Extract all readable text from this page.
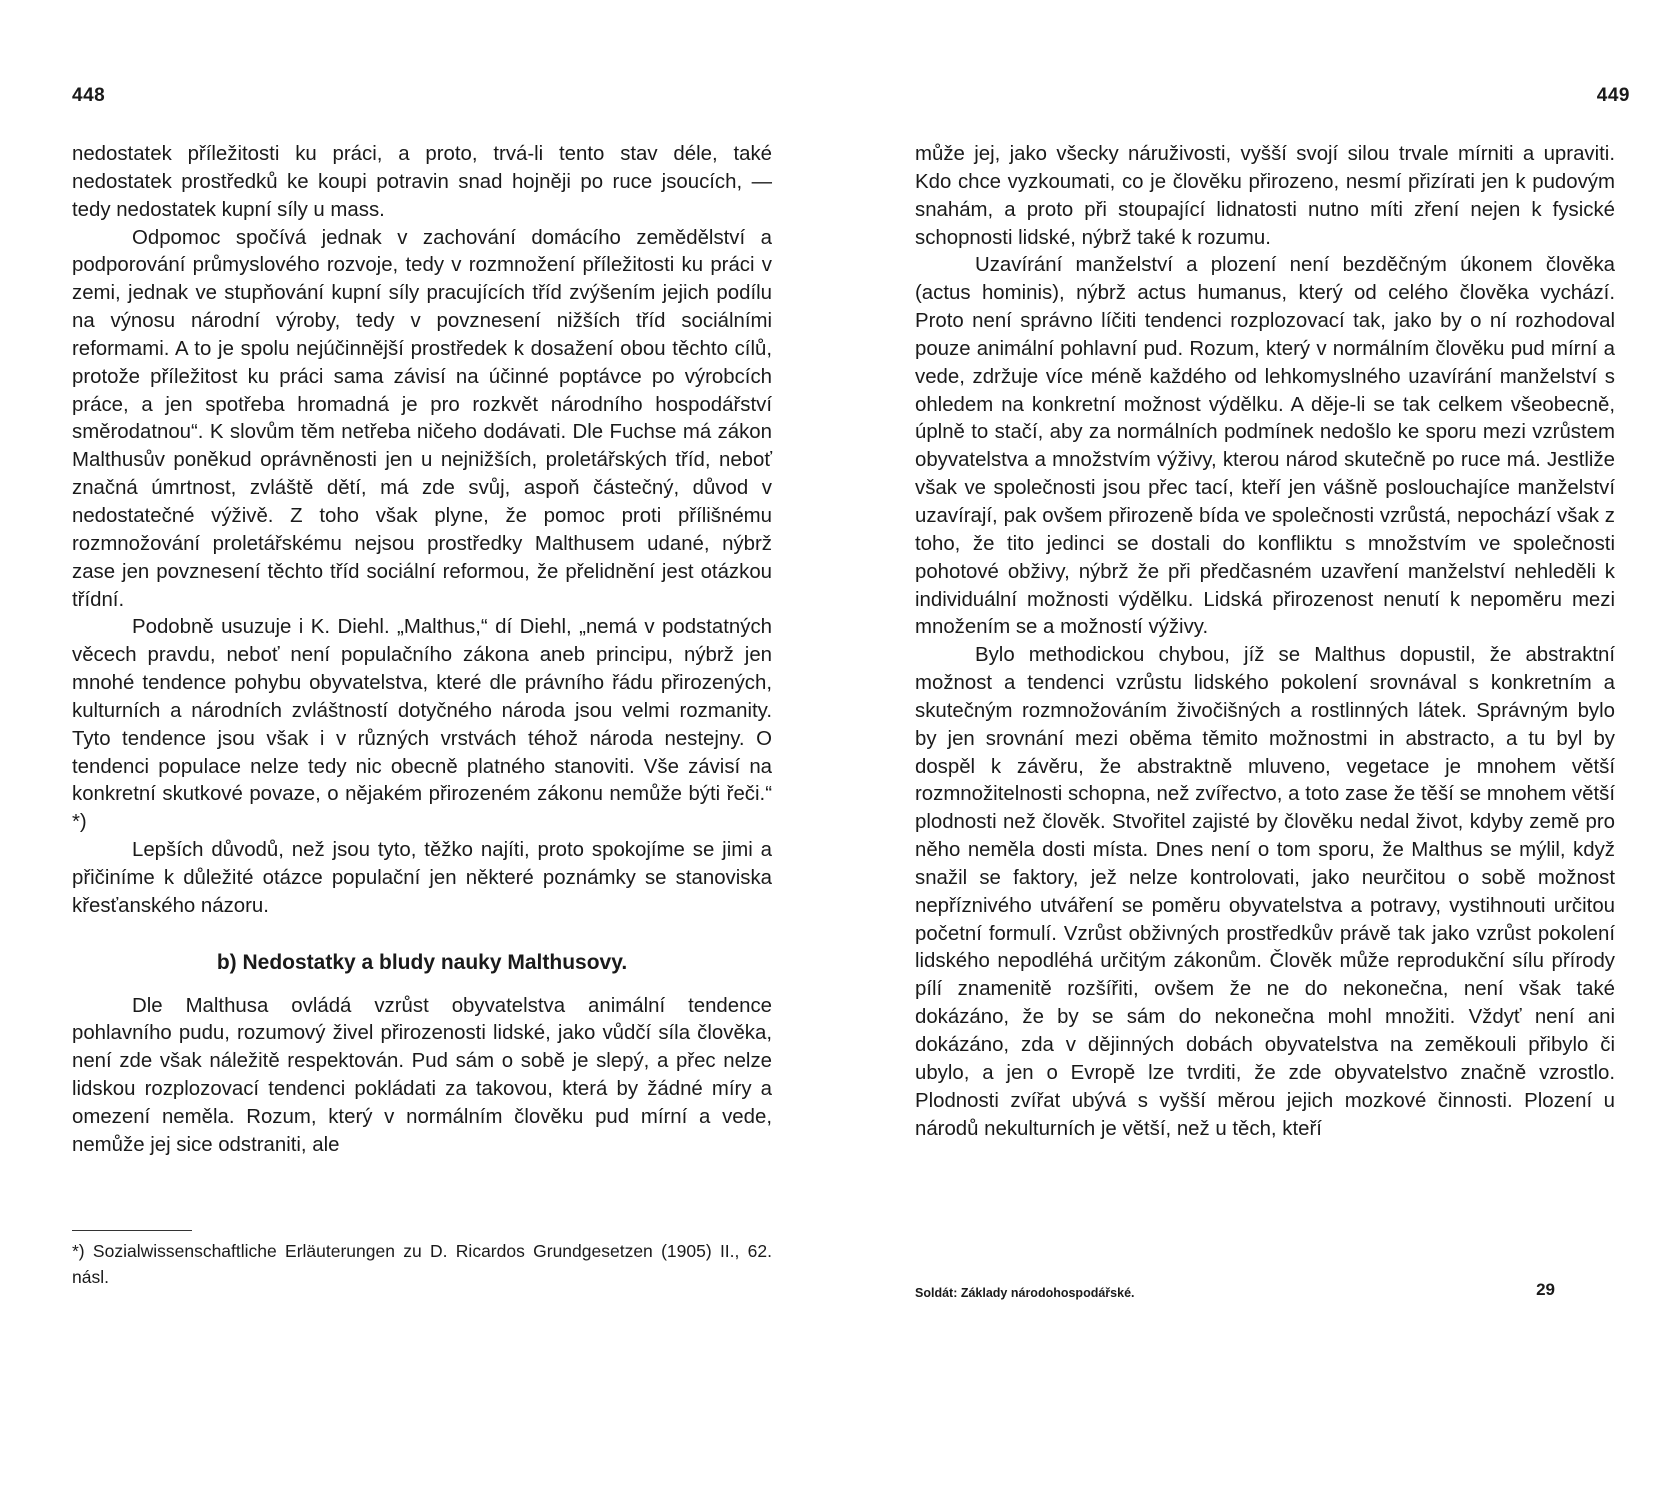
448

nedostatek příležitosti ku práci, a proto, trvá-li tento stav déle, také nedostatek prostředků ke koupi potravin snad hojněji po ruce jsoucích, — tedy nedostatek kupní síly u mass.

Odpomoc spočívá jednak v zachování domácího zemědělství a podporování průmyslového rozvoje, tedy v rozmnožení příležitosti ku práci v zemi, jednak ve stupňování kupní síly pracujících tříd zvýšením jejich podílu na výnosu národní výroby, tedy v povznesení nižších tříd sociálními reformami. A to je spolu nejúčinnější prostředek k dosažení obou těchto cílů, protože příležitost ku práci sama závisí na účinné poptávce po výrobcích práce, a jen spotřeba hromadná je pro rozkvět národního hospodářství směrodatnou“. K slovům těm netřeba ničeho dodávati. Dle Fuchse má zákon Malthusův poněkud oprávněnosti jen u nejnižších, proletářských tříd, neboť značná úmrtnost, zvláště dětí, má zde svůj, aspoň částečný, důvod v nedostatečné výživě. Z toho však plyne, že pomoc proti přílišnému rozmnožování proletářskému nejsou prostředky Malthusem udané, nýbrž zase jen povznesení těchto tříd sociální reformou, že přelidnění jest otázkou třídní.

Podobně usuzuje i K. Diehl. „Malthus,“ dí Diehl, „nemá v podstatných věcech pravdu, neboť není populačního zákona aneb principu, nýbrž jen mnohé tendence pohybu obyvatelstva, které dle právního řádu přirozených, kulturních a národních zvláštností dotyčného národa jsou velmi rozmanity. Tyto tendence jsou však i v různých vrstvách téhož národa nestejny. O tendenci populace nelze tedy nic obecně platného stanoviti. Vše závisí na konkretní skutkové povaze, o nějakém přirozeném zákonu nemůže býti řeči.“ *)

Lepších důvodů, než jsou tyto, těžko najíti, proto spokojíme se jimi a přičiníme k důležité otázce populační jen některé poznámky se stanoviska křesťanského názoru.

b) Nedostatky a bludy nauky Malthusovy.

Dle Malthusa ovládá vzrůst obyvatelstva animální tendence pohlavního pudu, rozumový živel přirozenosti lidské, jako vůdčí síla člověka, není zde však náležitě respektován. Pud sám o sobě je slepý, a přec nelze lidskou rozplozovací tendenci pokládati za takovou, která by žádné míry a omezení neměla. Rozum, který v normálním člověku pud mírní a vede, nemůže jej sice odstraniti, ale

*) Sozialwissenschaftliche Erläuterungen zu D. Ricardos Grundgesetzen (1905) II., 62. násl.
449

může jej, jako všecky náruživosti, vyšší svojí silou trvale mírniti a upraviti. Kdo chce vyzkoumati, co je člověku přirozeno, nesmí přizírati jen k pudovým snahám, a proto při stoupající lidnatosti nutno míti zření nejen k fysické schopnosti lidské, nýbrž také k rozumu.

Uzavírání manželství a plození není bezděčným úkonem člověka (actus hominis), nýbrž actus humanus, který od celého člověka vychází. Proto není správno líčiti tendenci rozplozovací tak, jako by o ní rozhodoval pouze animální pohlavní pud. Rozum, který v normálním člověku pud mírní a vede, zdržuje více méně každého od lehkomyslného uzavírání manželství s ohledem na konkretní možnost výdělku. A děje-li se tak celkem všeobecně, úplně to stačí, aby za normálních podmínek nedošlo ke sporu mezi vzrůstem obyvatelstva a množstvím výživy, kterou národ skutečně po ruce má. Jestliže však ve společnosti jsou přec tací, kteří jen vášně poslouchajíce manželství uzavírají, pak ovšem přirozeně bída ve společnosti vzrůstá, nepochází však z toho, že tito jedinci se dostali do konfliktu s množstvím ve společnosti pohotové obživy, nýbrž že při předčasném uzavření manželství nehleděli k individuální možnosti výdělku. Lidská přirozenost nenutí k nepoměru mezi množením se a možností výživy.

Bylo methodickou chybou, jíž se Malthus dopustil, že abstraktní možnost a tendenci vzrůstu lidského pokolení srovnával s konkretním a skutečným rozmnožováním živočišných a rostlinných látek. Správným bylo by jen srovnání mezi oběma těmito možnostmi in abstracto, a tu byl by dospěl k závěru, že abstraktně mluveno, vegetace je mnohem větší rozmnožitelnosti schopna, než zvířectvo, a toto zase že těší se mnohem větší plodnosti než člověk. Stvořitel zajisté by člověku nedal život, kdyby země pro něho neměla dosti místa. Dnes není o tom sporu, že Malthus se mýlil, když snažil se faktory, jež nelze kontrolovati, jako neurčitou o sobě možnost nepříznivého utváření se poměru obyvatelstva a potravy, vystihnouti určitou početní formulí. Vzrůst obživných prostředkův právě tak jako vzrůst pokolení lidského nepodléhá určitým zákonům. Člověk může reprodukční sílu přírody pílí znamenitě rozšířiti, ovšem že ne do nekonečna, není však také dokázáno, že by se sám do nekonečna mohl množiti. Vždyť není ani dokázáno, zda v dějinných dobách obyvatelstva na zeměkouli přibylo či ubylo, a jen o Evropě lze tvrditi, že zde obyvatelstvo značně vzrostlo. Plodnosti zvířat ubývá s vyšší měrou jejich mozkové činnosti. Plození u národů nekulturních je větší, než u těch, kteří

Soldát: Základy národohospodářské.	29
